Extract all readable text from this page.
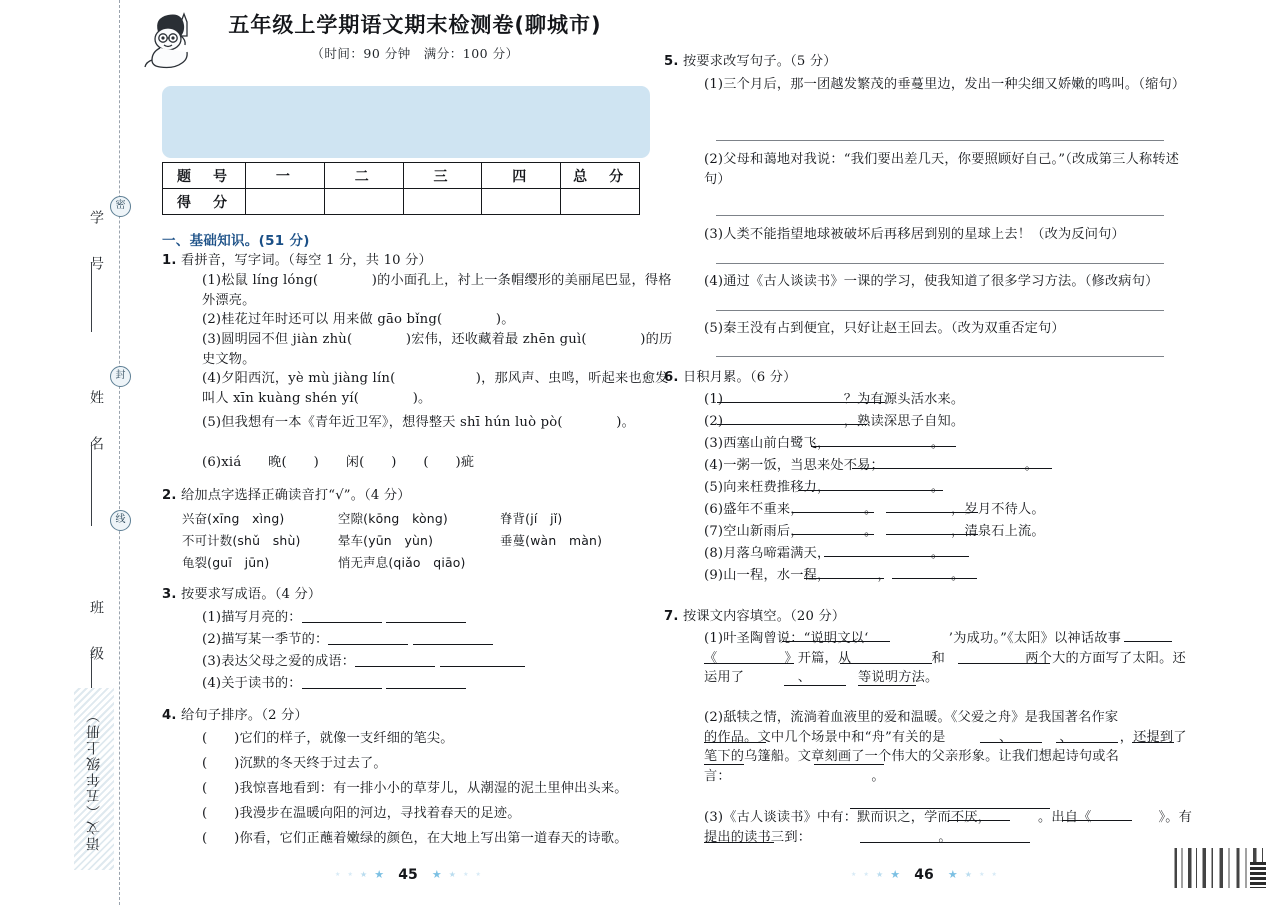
密
封
线
学　号
姓　名
班　级
语文（五年级上册）
五年级上学期语文期末检测卷(聊城市)
（时间：90 分钟　满分：100 分）
题　号	一	二	三	四	总　分
得　分					
一、基础知识。(51 分)
1. 看拼音，写字词。（每空 1 分，共 10 分）
(1)松鼠 líng lóng(　　　　)的小面孔上，衬上一条帽缨形的美丽尾巴显，得格外漂亮。
(2)桂花过年时还可以 用来做 gāo bǐng(　　　　)。
(3)圆明园不但 jiàn zhù(　　　　)宏伟，还收藏着最 zhēn guì(　　　　)的历史文物。
(4)夕阳西沉，yè mù jiàng lín(　　　　　　)，那风声、虫鸣，听起来也愈发叫人 xīn kuàng shén yí(　　　　)。
(5)但我想有一本《青年近卫军》，想得整天 shī hún luò pò(　　　　)。
(6)xiá　　晚(　　)　　闲(　　)　　(　　)疵
2. 给加点字选择正确读音打“√”。（4 分）
兴奋(xīng　xìng)	空隙(kōng　kòng)	脊背(jí　jǐ)
不可计数(shǔ　shù)	晕车(yūn　yùn)	垂蔓(wàn　màn)
龟裂(guī　jūn)	悄无声息(qiǎo　qiāo)
3. 按要求写成语。（4 分）
(1)描写月亮的：
(2)描写某一季节的：
(3)表达父母之爱的成语：
(4)关于读书的：
4. 给句子排序。（2 分）
(　　)它们的样子，就像一支纤细的笔尖。
(　　)沉默的冬天终于过去了。
(　　)我惊喜地看到：有一排小小的草芽儿，从潮湿的泥土里伸出头来。
(　　)我漫步在温暖向阳的河边，寻找着春天的足迹。
(　　)你看，它们正蘸着嫩绿的颜色，在大地上写出第一道春天的诗歌。
★ ★ ★ ★ 45 ★ ★ ★ ★
5. 按要求改写句子。（5 分）
(1)三个月后，那一团越发繁茂的垂蔓里边，发出一种尖细又娇嫩的鸣叫。（缩句）
(2)父母和蔼地对我说：“我们要出差几天，你要照顾好自己。”（改成第三人称转述句）
(3)人类不能指望地球被破坏后再移居到别的星球上去！（改为反问句）
(4)通过《古人谈读书》一课的学习，使我知道了很多学习方法。（修改病句）
(5)秦王没有占到便宜，只好让赵王回去。（改为双重否定句）
6. 日积月累。（6 分）
(1)　　　　　　　　　？为有源头活水来。
(2)　　　　　　　　　，熟读深思子自知。
(3)西塞山前白鹭飞，　　　　　　　　。
(4)一粥一饭，当思来处不易；　　　　　　　　　　　。
(5)向来枉费推移力，　　　　　　　　。
(6)盛年不重来，　　　　　。　　　　　　，岁月不待人。
(7)空山新雨后，　　　　　。　　　　　　，清泉石上流。
(8)月落乌啼霜满天，　　　　　　　　。
(9)山一程，水一程，　　　　，　　　　　。
7. 按课文内容填空。（20 分）
(1)叶圣陶曾说：“说明文以‘　　　　　　’为成功。”《太阳》以神话故事《　　　　　》开篇，从　　　　　　和　　　　　　两个大的方面写了太阳。还运用了　　　　、　　　　等说明方法。
(2)舐犊之情，流淌着血液里的爱和温暖。《父爱之舟》是我国著名作家　　　　　的作品。文中几个场景中和“舟”有关的是　　　　、　　　　、　　　　，还提到了　　　　　笔下的乌篷船。文章刻画了一个伟大的父亲形象。让我们想起诗句或名言：　　　　　　　　　　　。
(3)《古人谈读书》中有：默而识之，学而不厌，　　　　。出自《　　　　　》。有　　　　　提出的读书三到：　　　　　　　　　　。
★ ★ ★ ★ 46 ★ ★ ★ ★
